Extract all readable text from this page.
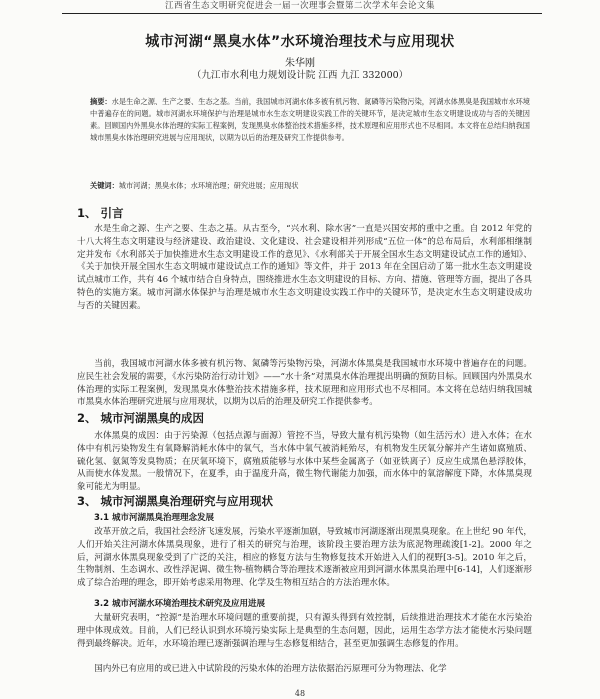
江西省生态文明研究促进会一届一次理事会暨第二次学术年会论文集
城市河湖“黑臭水体”水环境治理技术与应用现状
朱华刚
（九江市水利电力规划设计院 江西 九江 332000）
摘要：水是生命之源、生产之要、生态之基。当前，我国城市河湖水体多被有机污物、氮磷等污染物污染，河湖水体黑臭是我国城市水环境中普遍存在的问题。城市河湖水环境保护与治理是城市水生态文明建设实践工作的关键环节，是决定城市生态文明建设成功与否的关键因素。回顾国内外黑臭水体治理的实际工程案例，发现黑臭水体整治技术措施多样，技术原理和应用形式也不尽相同。本文将在总结归纳我国城市黑臭水体治理研究进展与应用现状，以期为以后的治理及研究工作提供参考。
关键词：城市河湖；黑臭水体；水环境治理；研究进展；应用现状
1、 引言
水是生命之源、生产之要、生态之基。从古至今，“兴水利、除水害”一直是兴国安邦的重中之重。自 2012 年党的十八大将生态文明建设与经济建设、政治建设、文化建设、社会建设相并列形成“五位一体”的总布局后，水利部相继制定并发布《水利部关于加快推进水生态文明建设工作的意见》、《水利部关于开展全国水生态文明建设试点工作的通知》、《关于加快开展全国水生态文明城市建设试点工作的通知》等文件，并于 2013 年在全国启动了第一批水生态文明建设试点城市工作，共有 46 个城市结合自身特点，围绕推进水生态文明建设的目标、方向、措施、管理等方面，提出了各具特色的实施方案。城市河湖水体保护与治理是城市水生态文明建设实践工作中的关键环节，是决定水生态文明建设成功与否的关键因素。
当前，我国城市河湖水体多被有机污物、氮磷等污染物污染，河湖水体黑臭是我国城市水环境中普遍存在的问题。应民生社会发展的需要，《水污染防治行动计划》——“水十条”对黑臭水体治理提出明确的预防目标。回顾国内外黑臭水体治理的实际工程案例，发现黑臭水体整治技术措施多样，技术原理和应用形式也不尽相同。本文将在总结归纳我国城市黑臭水体治理研究进展与应用现状，以期为以后的治理及研究工作提供参考。
2、 城市河湖黑臭的成因
水体黑臭的成因：由于污染源（包括点源与面源）管控不当，导致大量有机污染物（如生活污水）进入水体；在水体中有机污染物发生有氧降解消耗水体中的氧气，当水体中氧气被消耗殆尽，有机物发生厌氧分解并产生诸如腐殖质、硫化氢、氨氮等发臭物质；在厌氧环境下，腐殖质能够与水体中某些金属离子（如亚铁离子）反应生成黑色悬浮胶体，从而使水体发黑。一般情况下，在夏季，由于温度升高，微生物代谢能力加强，而水体中的氧溶解度下降，水体黑臭现象可能尤为明显。
3、 城市河湖黑臭治理研究与应用现状
3.1 城市河湖黑臭治理理念发展
改革开放之后，我国社会经济飞速发展，污染水平逐渐加剧，导致城市河湖逐渐出现黑臭现象。在上世纪 90 年代，人们开始关注河湖水体黑臭现象，进行了相关的研究与治理，该阶段主要治理方法为底泥物理疏浚[1-2]。2000 年之后，河湖水体黑臭现象受到了广泛的关注，相应的修复方法与生物修复技术开始进入人们的视野[3-5]。2010 年之后，生物制剂、生态调水、改性浮泥调、微生物-植物耦合等治理技术逐渐被应用到河湖水体黑臭治理中[6-14]，人们逐渐形成了综合治理的理念，即开始考虑采用物理、化学及生物相互结合的方法治理水体。
3.2 城市河湖水环境治理技术研究及应用进展
大量研究表明，“控源”是治理水环境问题的重要前提，只有源头得到有效控制，后续推进治理技术才能在水污染治理中体现成效。目前，人们已经认识到水环境污染实际上是典型的生态问题，因此，运用生态学方法才能使水污染问题得到最终解决。近年，水环境治理已逐渐强调治理与生态修复相结合，甚至更加强调生态修复的作用。
国内外已有应用的或已进入中试阶段的污染水体的治理方法依据治污原理可分为物理法、化学
48
